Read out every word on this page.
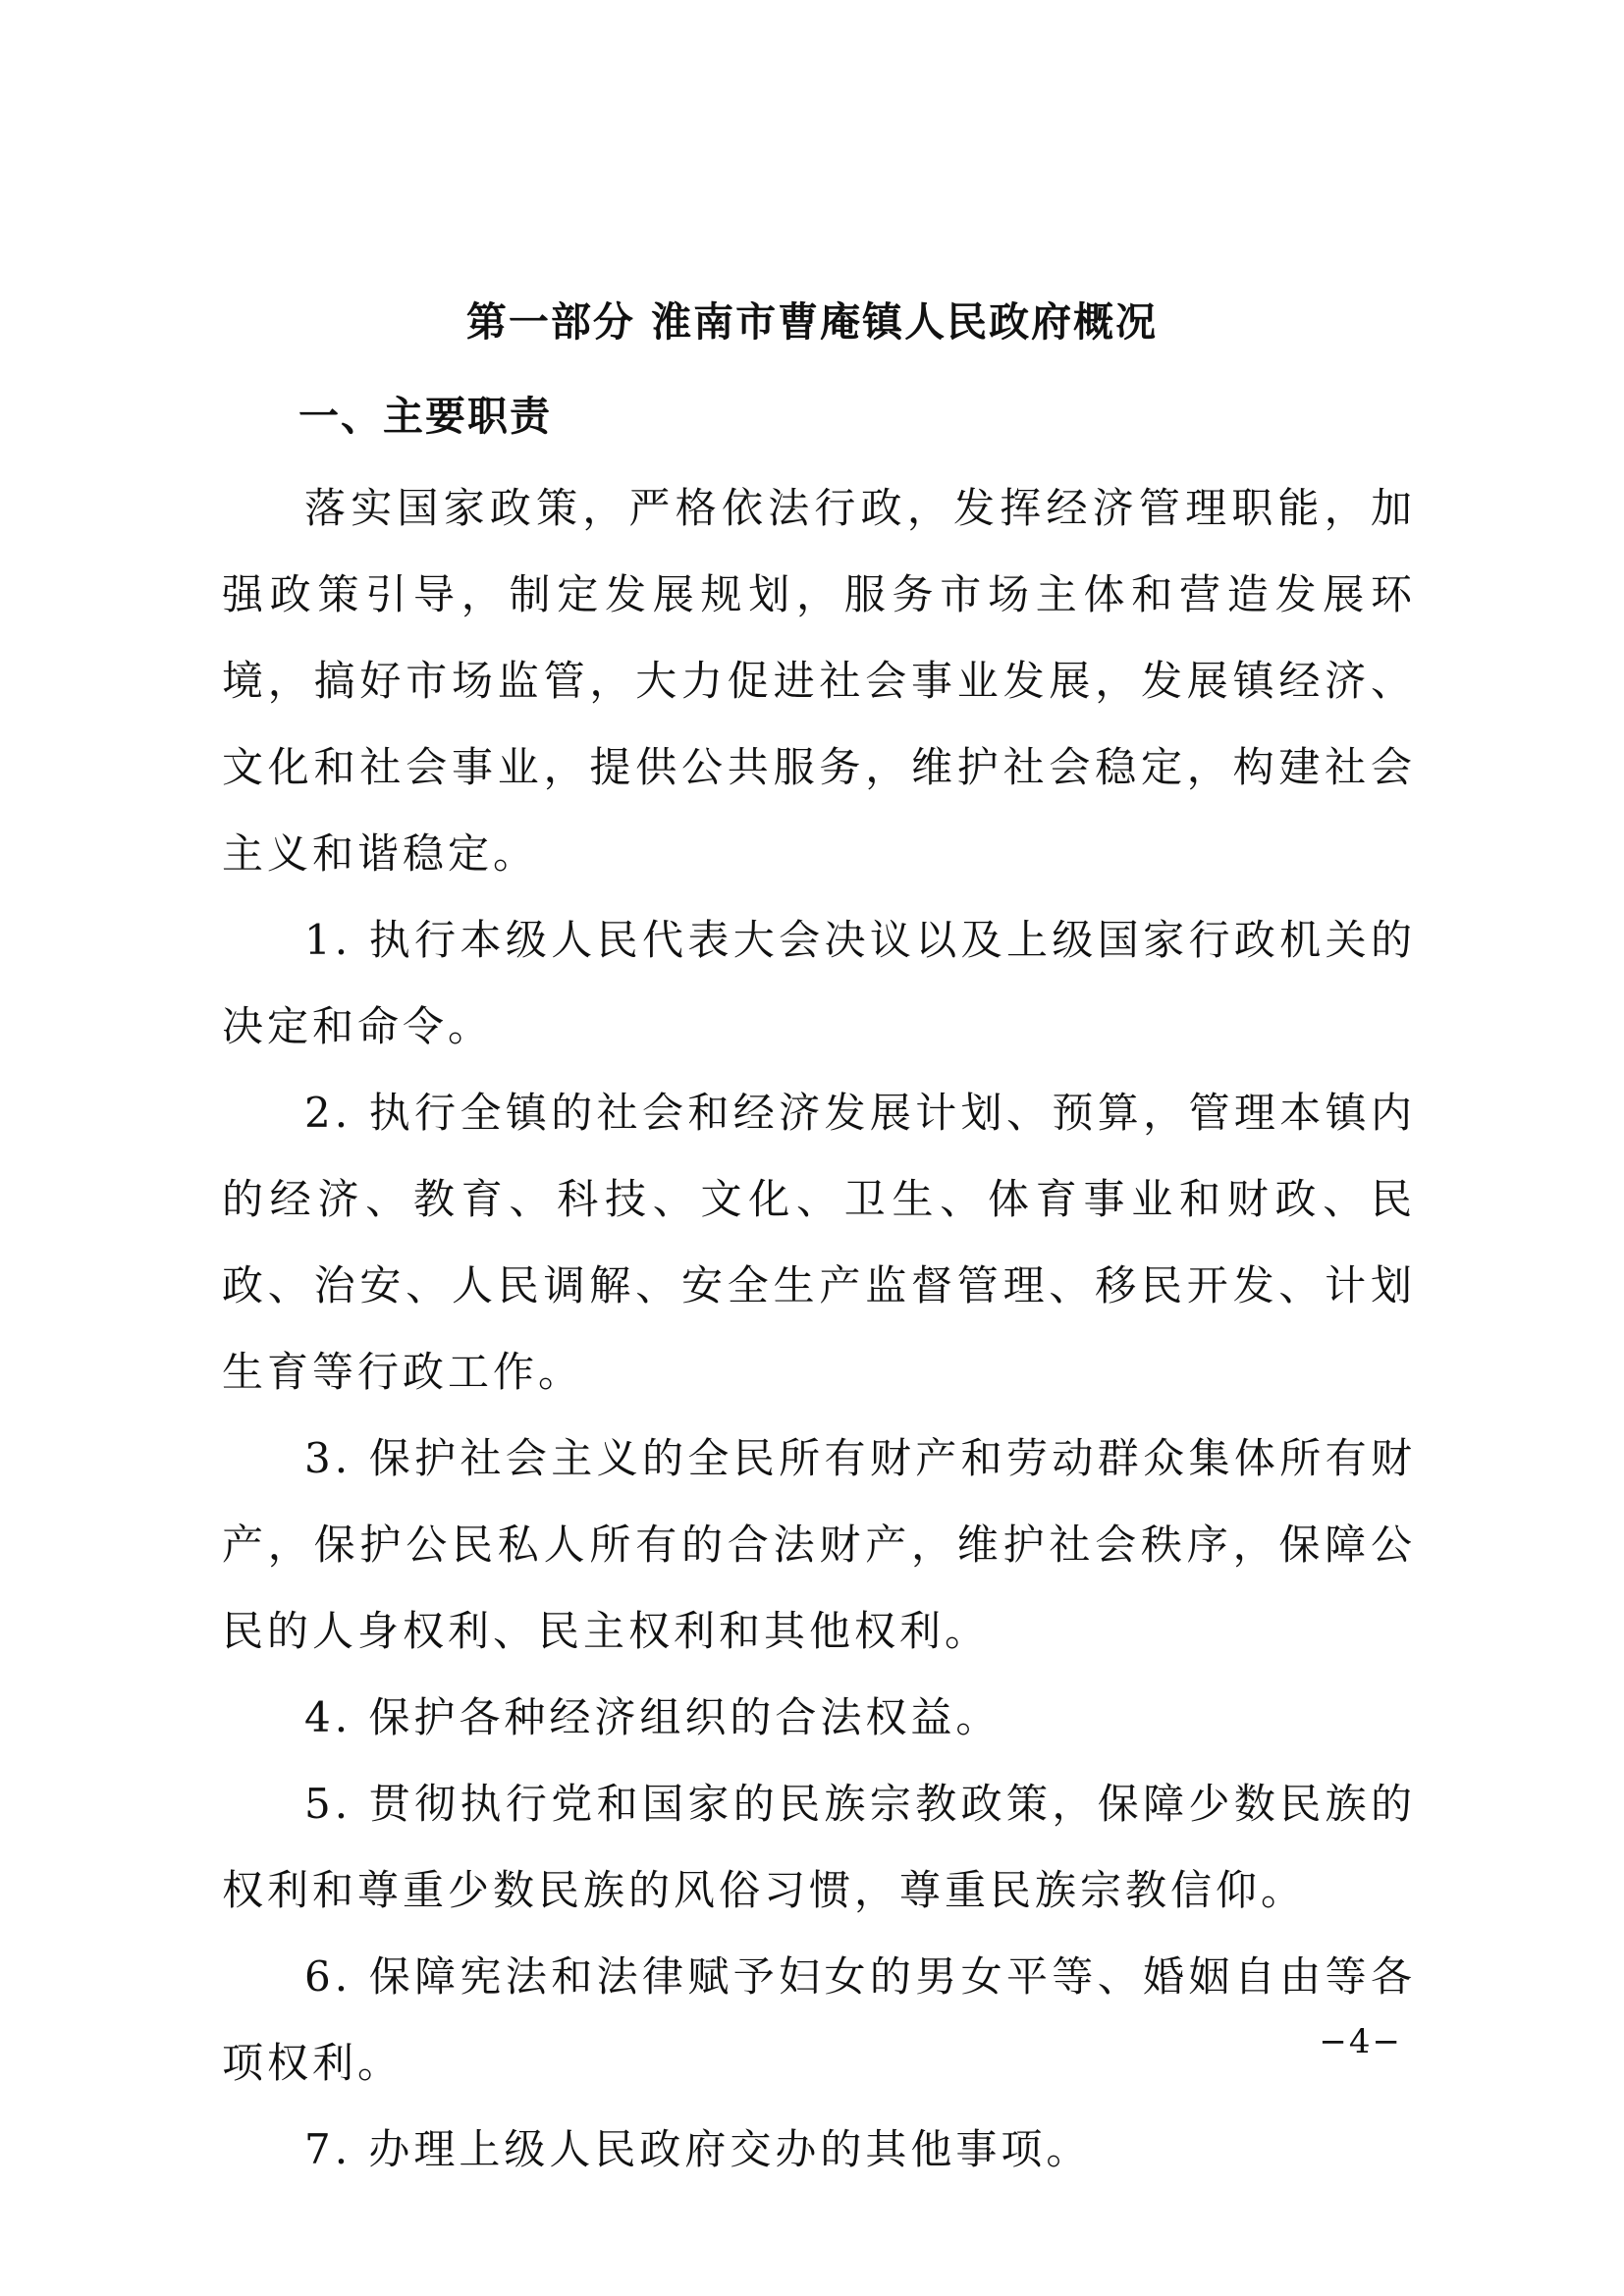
第一部分 淮南市曹庵镇人民政府概况
一、主要职责

落实国家政策，严格依法行政，发挥经济管理职能，加强政策引导，制定发展规划，服务市场主体和营造发展环境，搞好市场监管，大力促进社会事业发展，发展镇经济、文化和社会事业，提供公共服务，维护社会稳定，构建社会主义和谐稳定。

1. 执行本级人民代表大会决议以及上级国家行政机关的决定和命令。

2. 执行全镇的社会和经济发展计划、预算，管理本镇内的经济、教育、科技、文化、卫生、体育事业和财政、民政、治安、人民调解、安全生产监督管理、移民开发、计划生育等行政工作。

3. 保护社会主义的全民所有财产和劳动群众集体所有财产，保护公民私人所有的合法财产，维护社会秩序，保障公民的人身权利、民主权利和其他权利。

4. 保护各种经济组织的合法权益。

5. 贯彻执行党和国家的民族宗教政策，保障少数民族的权利和尊重少数民族的风俗习惯，尊重民族宗教信仰。

6. 保障宪法和法律赋予妇女的男女平等、婚姻自由等各项权利。

7. 办理上级人民政府交办的其他事项。

−4−
